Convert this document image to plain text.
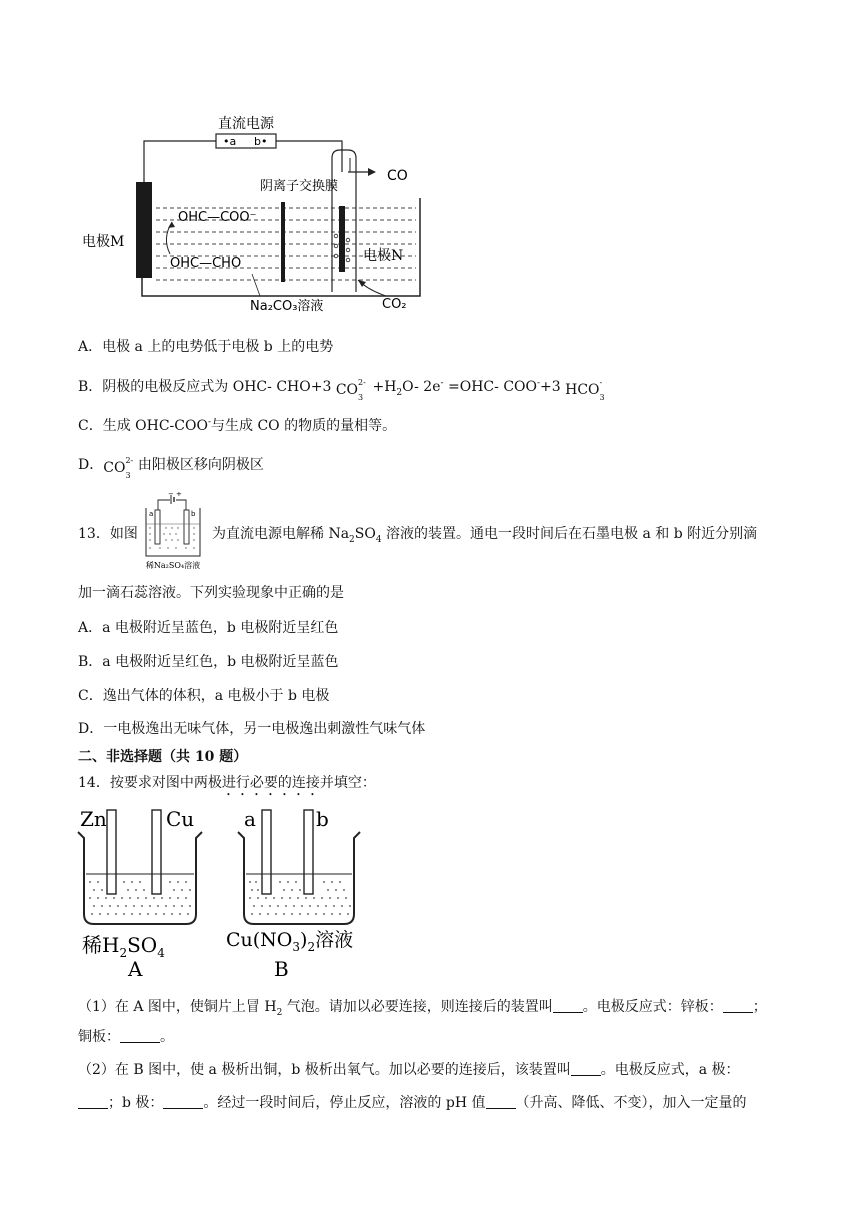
直流电源
•a b•
阴离子交换膜
CO
电极M
电极N
OHC—COO⁻
OHC—CHO
Na₂CO₃溶液	CO₂
A．电极 a 上的电势低于电极 b 上的电势
B．阴极的电极反应式为 OHC- CHO+3 CO 2-
3
$+H_2O-$ 2e- =OHC- COO-+3 HCO -
3
C．生成 OHC-COO-与生成 CO 的物质的量相等。
D．CO 2-
3
由阳极区移向阴极区
13．如图
− +
a	b
稀Na₂SO₄溶液
为直流电源电解稀 $Na_2SO_4$ 溶液的装置。通电一段时间后在石墨电极 a 和 b 附近分别滴
加一滴石蕊溶液。下列实验现象中正确的是
A．a 电极附近呈蓝色，b 电极附近呈红色
B．a 电极附近呈红色，b 电极附近呈蓝色
C．逸出气体的体积，a 电极小于 b 电极
D．一电极逸出无味气体，另一电极逸出刺激性气味气体
二、非选择题（共 10 题）
14．按要求对图中两极进行必要的连接并填空：
Zn	Cu
稀$H_2SO_4$
A
a	b
$Cu(NO_3)_2$溶液
B
（1）在 A 图中，使铜片上冒 $H_2$ 气泡。请加以必要连接，则连接后的装置叫 。电极反应式：锌板： ；
铜板：	。
（2）在 B 图中，使 a 极析出铜，b 极析出氧气。加以必要的连接后，该装置叫 。电极反应式，a 极：
；b 极：	。经过一段时间后，停止反应，溶液的 pH 值 （升高、降低、不变），加入一定量的
